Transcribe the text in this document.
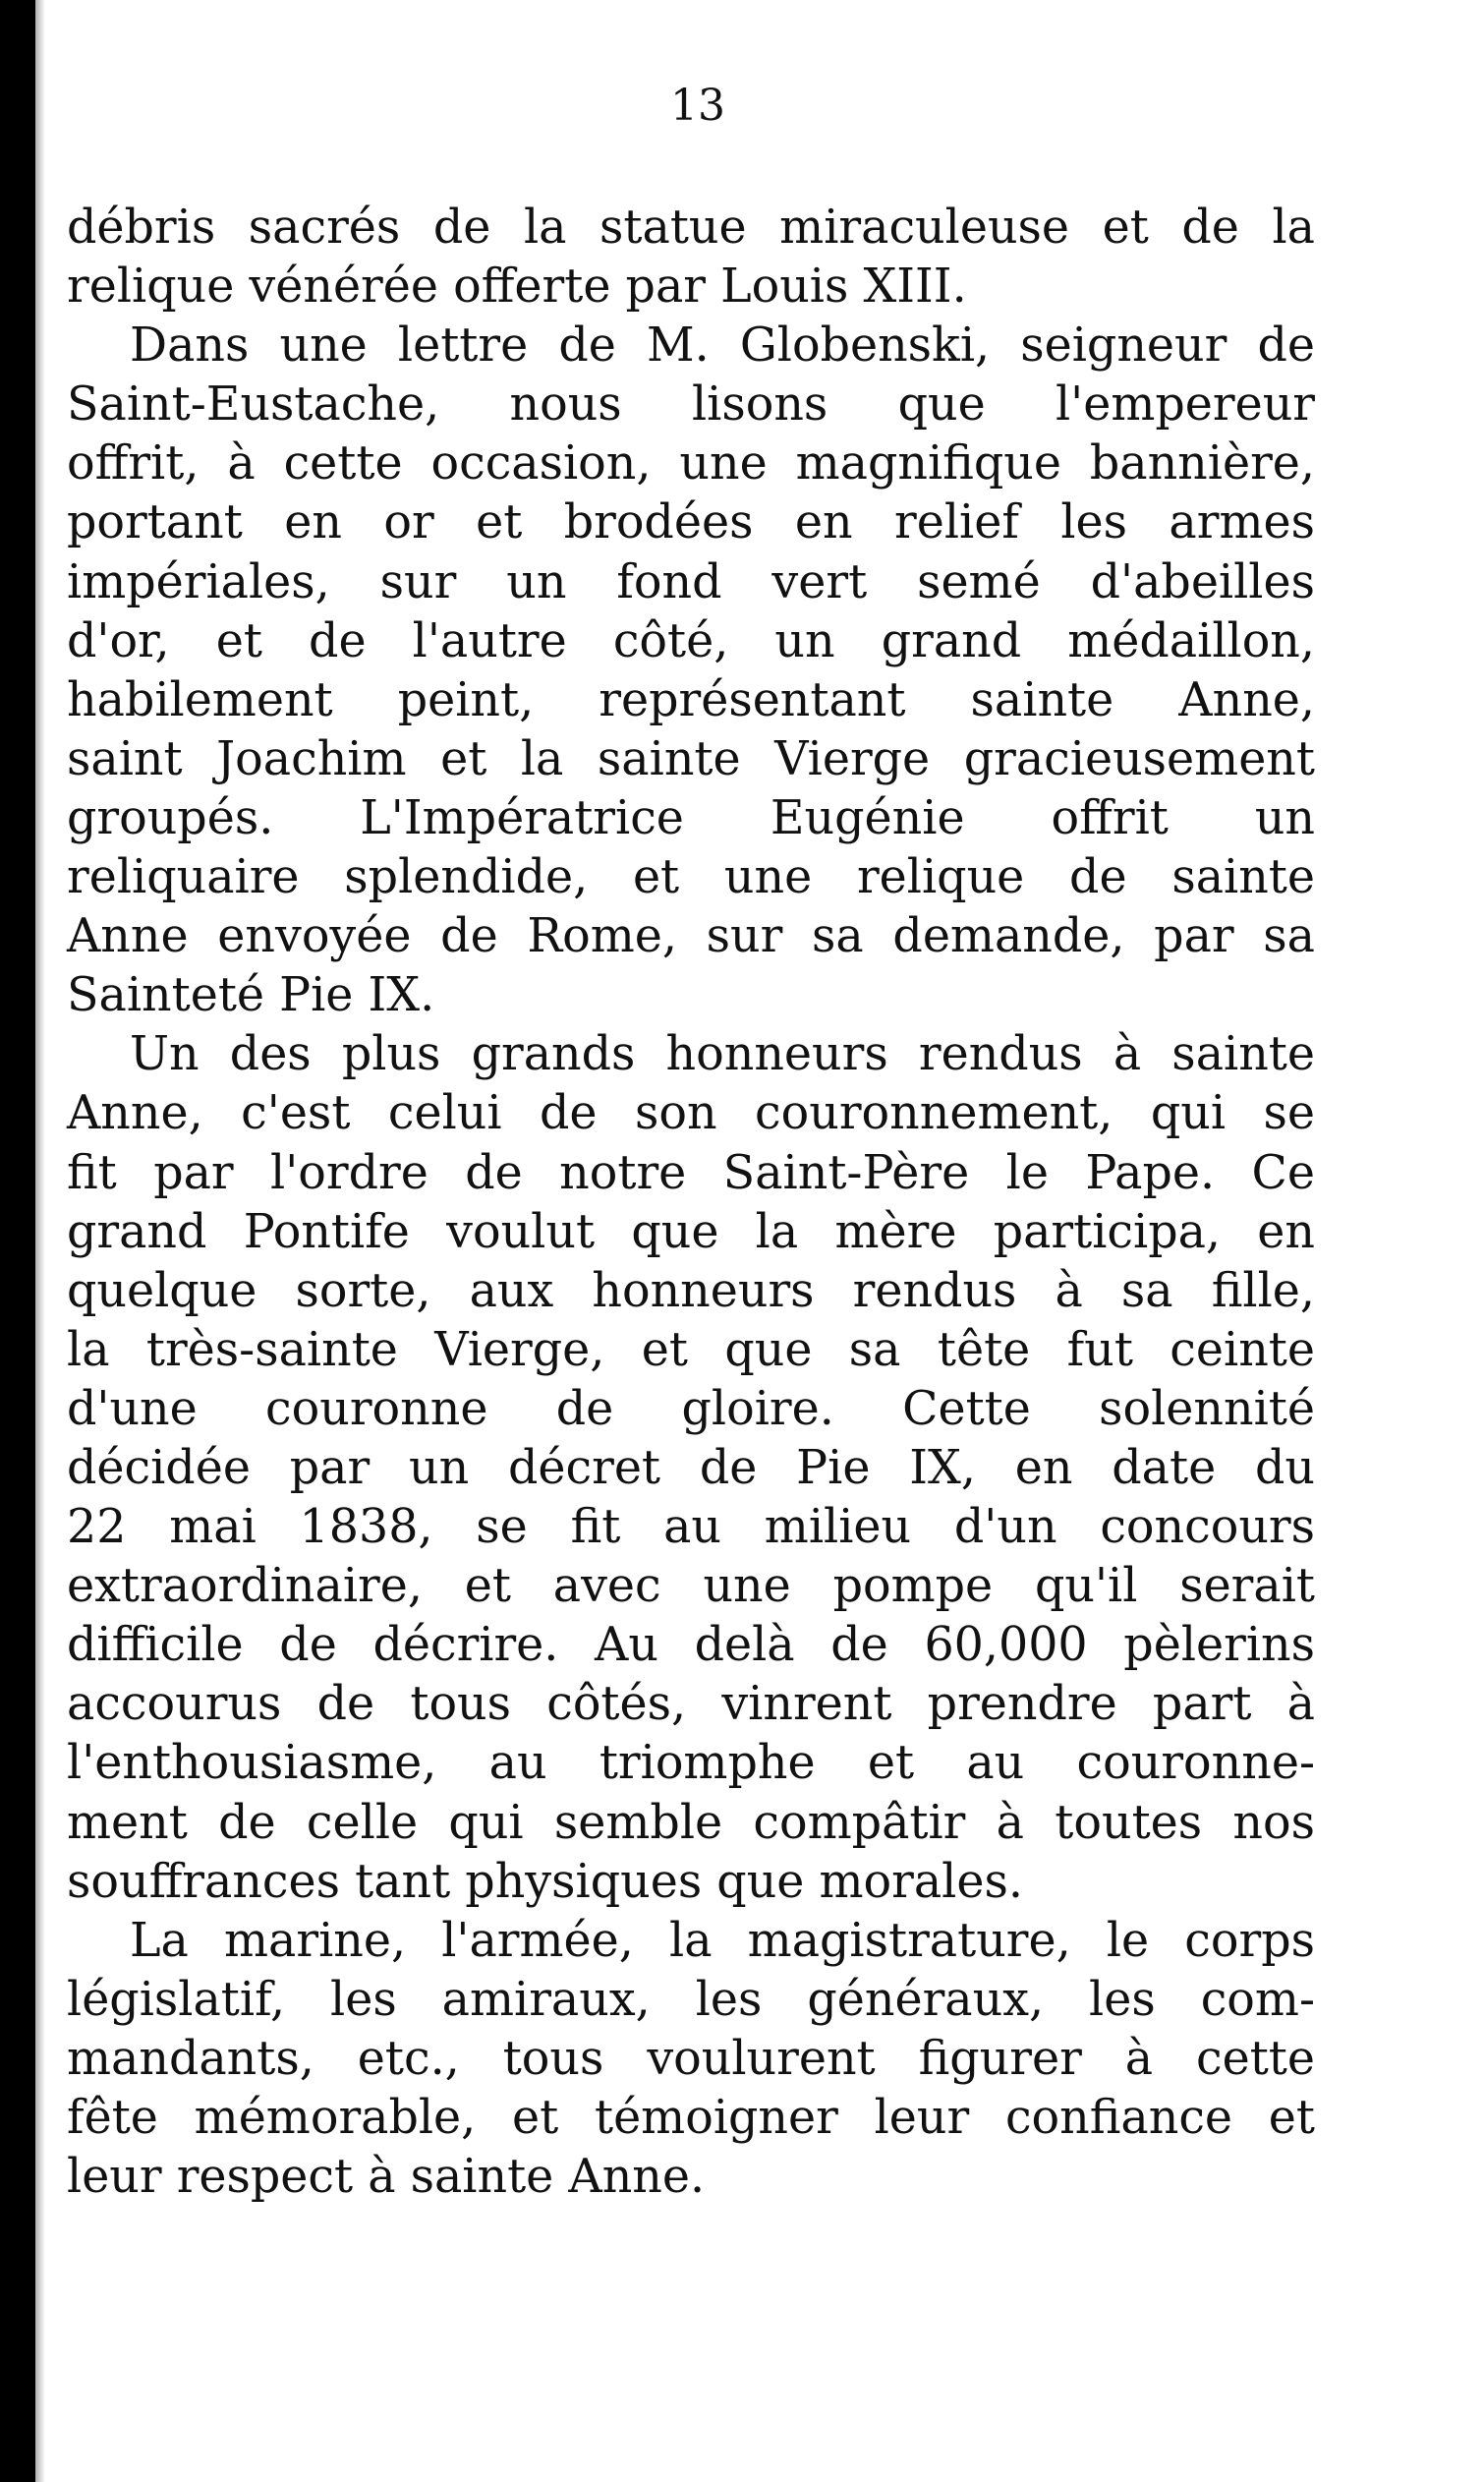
13
débris sacrés de la statue miraculeuse et de la
relique vénérée offerte par Louis XIII.
Dans une lettre de M. Globenski, seigneur de
Saint-Eustache, nous lisons que l'empereur
offrit, à cette occasion, une magnifique bannière,
portant en or et brodées en relief les armes
impériales, sur un fond vert semé d'abeilles
d'or, et de l'autre côté, un grand médaillon,
habilement peint, représentant sainte Anne,
saint Joachim et la sainte Vierge gracieusement
groupés. L'Impératrice Eugénie offrit un
reliquaire splendide, et une relique de sainte
Anne envoyée de Rome, sur sa demande, par sa
Sainteté Pie IX.
Un des plus grands honneurs rendus à sainte
Anne, c'est celui de son couronnement, qui se
fit par l'ordre de notre Saint-Père le Pape. Ce
grand Pontife voulut que la mère participa, en
quelque sorte, aux honneurs rendus à sa fille,
la très-sainte Vierge, et que sa tête fut ceinte
d'une couronne de gloire. Cette solennité
décidée par un décret de Pie IX, en date du
22 mai 1838, se fit au milieu d'un concours
extraordinaire, et avec une pompe qu'il serait
difficile de décrire. Au delà de 60,000 pèlerins
accourus de tous côtés, vinrent prendre part à
l'enthousiasme, au triomphe et au couronne-
ment de celle qui semble compâtir à toutes nos
souffrances tant physiques que morales.
La marine, l'armée, la magistrature, le corps
législatif, les amiraux, les généraux, les com-
mandants, etc., tous voulurent figurer à cette
fête mémorable, et témoigner leur confiance et
leur respect à sainte Anne.
